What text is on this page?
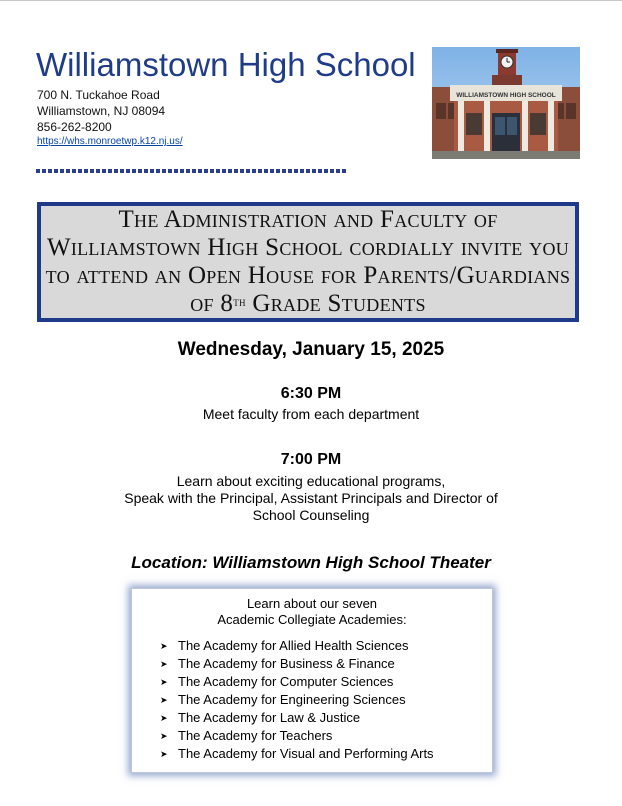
Williamstown High School
700 N. Tuckahoe Road
Williamstown, NJ 08094
856-262-8200
https://whs.monroetwp.k12.nj.us/
WILLIAMSTOWN HIGH SCHOOL
The Administration and Faculty of Williamstown High School cordially invite you to attend an Open House for Parents/Guardians of 8th Grade Students
Wednesday, January 15, 2025
6:30 PM
Meet faculty from each department
7:00 PM
Learn about exciting educational programs,
Speak with the Principal, Assistant Principals and Director of
School Counseling
Location: Williamstown High School Theater
Learn about our seven
Academic Collegiate Academies:
➤ The Academy for Allied Health Sciences
➤ The Academy for Business & Finance
➤ The Academy for Computer Sciences
➤ The Academy for Engineering Sciences
➤ The Academy for Law & Justice
➤ The Academy for Teachers
➤ The Academy for Visual and Performing Arts
